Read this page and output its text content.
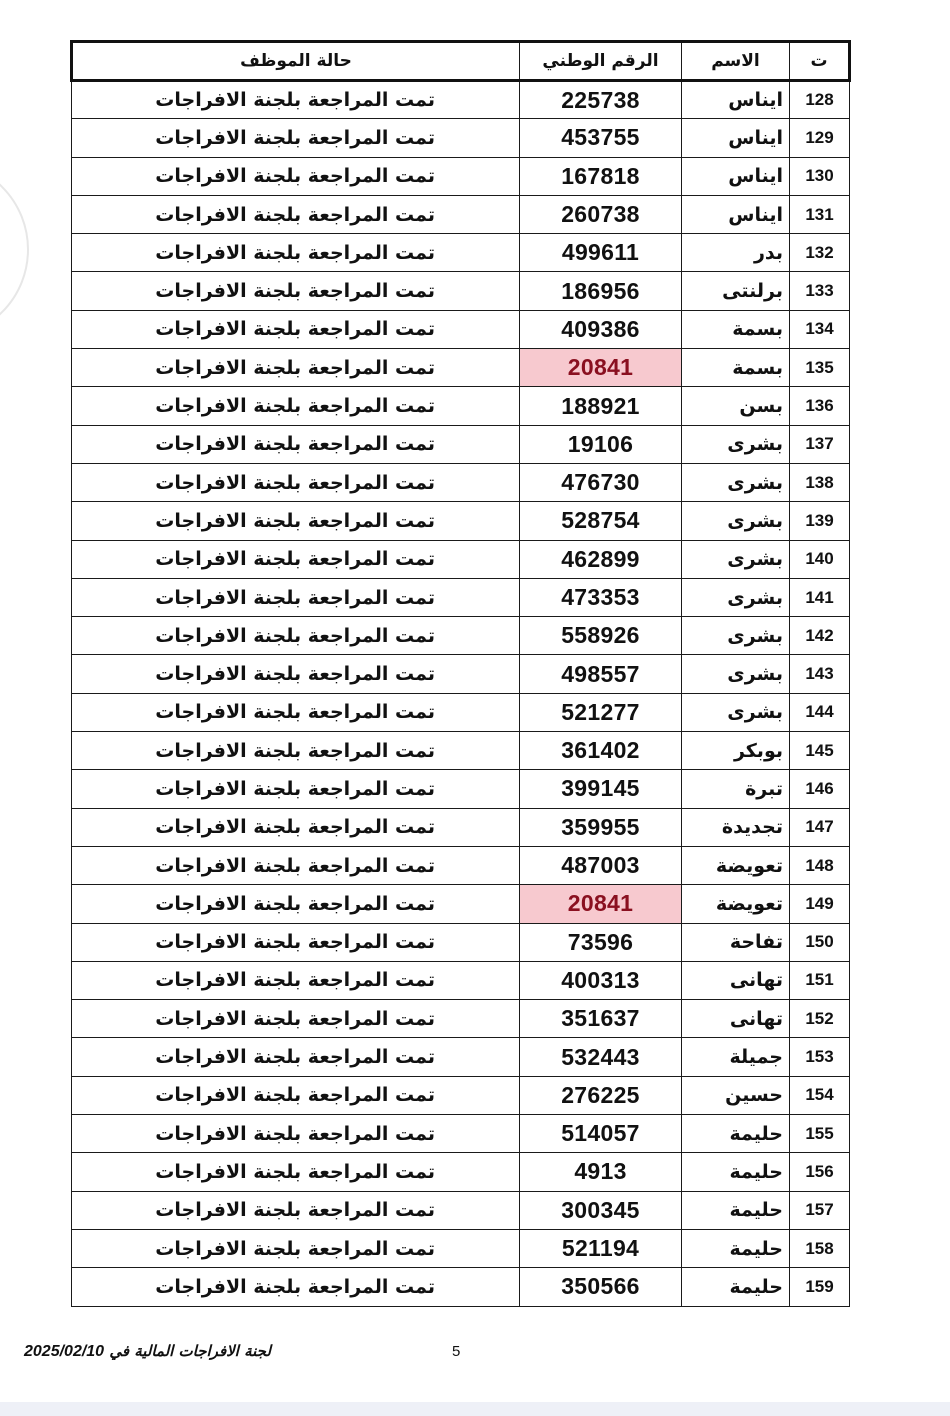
ت	الاسم	الرقم الوطني	حالة الموظف
128	ايناس	225738	تمت المراجعة بلجنة الافراجات
129	ايناس	453755	تمت المراجعة بلجنة الافراجات
130	ايناس	167818	تمت المراجعة بلجنة الافراجات
131	ايناس	260738	تمت المراجعة بلجنة الافراجات
132	بدر	499611	تمت المراجعة بلجنة الافراجات
133	برلنتى	186956	تمت المراجعة بلجنة الافراجات
134	بسمة	409386	تمت المراجعة بلجنة الافراجات
135	بسمة	20841	تمت المراجعة بلجنة الافراجات
136	بسن	188921	تمت المراجعة بلجنة الافراجات
137	بشرى	19106	تمت المراجعة بلجنة الافراجات
138	بشرى	476730	تمت المراجعة بلجنة الافراجات
139	بشرى	528754	تمت المراجعة بلجنة الافراجات
140	بشرى	462899	تمت المراجعة بلجنة الافراجات
141	بشرى	473353	تمت المراجعة بلجنة الافراجات
142	بشرى	558926	تمت المراجعة بلجنة الافراجات
143	بشرى	498557	تمت المراجعة بلجنة الافراجات
144	بشرى	521277	تمت المراجعة بلجنة الافراجات
145	بوبكر	361402	تمت المراجعة بلجنة الافراجات
146	تبرة	399145	تمت المراجعة بلجنة الافراجات
147	تجديدة	359955	تمت المراجعة بلجنة الافراجات
148	تعويضة	487003	تمت المراجعة بلجنة الافراجات
149	تعويضة	20841	تمت المراجعة بلجنة الافراجات
150	تفاحة	73596	تمت المراجعة بلجنة الافراجات
151	تهانى	400313	تمت المراجعة بلجنة الافراجات
152	تهانى	351637	تمت المراجعة بلجنة الافراجات
153	جميلة	532443	تمت المراجعة بلجنة الافراجات
154	حسين	276225	تمت المراجعة بلجنة الافراجات
155	حليمة	514057	تمت المراجعة بلجنة الافراجات
156	حليمة	4913	تمت المراجعة بلجنة الافراجات
157	حليمة	300345	تمت المراجعة بلجنة الافراجات
158	حليمة	521194	تمت المراجعة بلجنة الافراجات
159	حليمة	350566	تمت المراجعة بلجنة الافراجات
5
لجنة الافراجات المالية في 2025/02/10
